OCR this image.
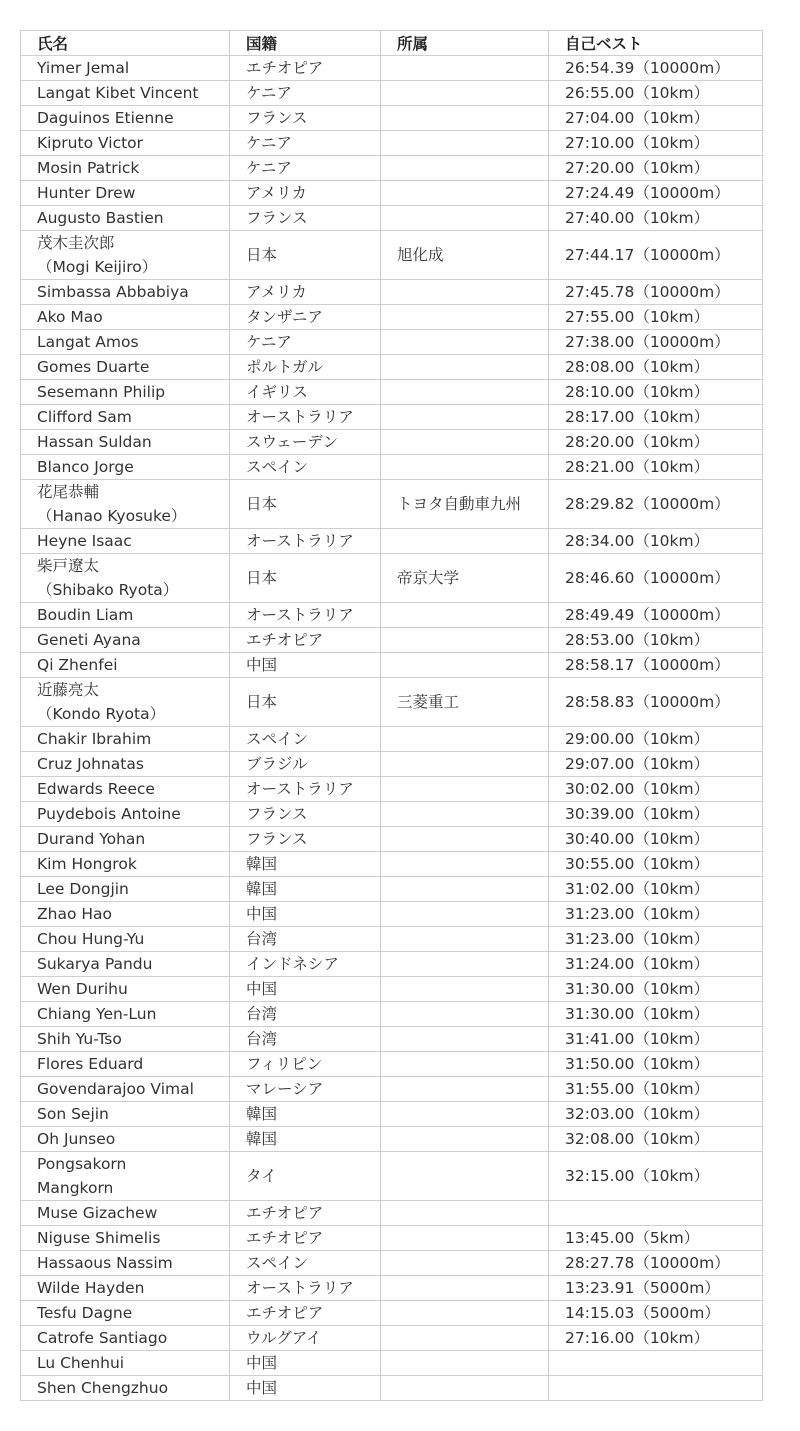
氏名	国籍	所属	自己ベスト

Yimer Jemal	エチオピア		26:54.39（10000m）

Langat Kibet Vincent	ケニア		26:55.00（10km）

Daguinos Etienne	フランス		27:04.00（10km）

Kipruto Victor	ケニア		27:10.00（10km）

Mosin Patrick	ケニア		27:20.00（10km）

Hunter Drew	アメリカ		27:24.49（10000m）

Augusto Bastien	フランス		27:40.00（10km）

茂木圭次郎
（Mogi Keijiro）	日本	旭化成	27:44.17（10000m）

Simbassa Abbabiya	アメリカ		27:45.78（10000m）

Ako Mao	タンザニア		27:55.00（10km）

Langat Amos	ケニア		27:38.00（10000m）

Gomes Duarte	ポルトガル		28:08.00（10km）

Sesemann Philip	イギリス		28:10.00（10km）

Clifford Sam	オーストラリア		28:17.00（10km）

Hassan Suldan	スウェーデン		28:20.00（10km）

Blanco Jorge	スペイン		28:21.00（10km）

花尾恭輔
（Hanao Kyosuke）	日本	トヨタ自動車九州	28:29.82（10000m）

Heyne Isaac	オーストラリア		28:34.00（10km）

柴戸遼太
（Shibako Ryota）	日本	帝京大学	28:46.60（10000m）

Boudin Liam	オーストラリア		28:49.49（10000m）

Geneti Ayana	エチオピア		28:53.00（10km）

Qi Zhenfei	中国		28:58.17（10000m）

近藤亮太
（Kondo Ryota）	日本	三菱重工	28:58.83（10000m）

Chakir Ibrahim	スペイン		29:00.00（10km）

Cruz Johnatas	ブラジル		29:07.00（10km）

Edwards Reece	オーストラリア		30:02.00（10km）

Puydebois Antoine	フランス		30:39.00（10km）

Durand Yohan	フランス		30:40.00（10km）

Kim Hongrok	韓国		30:55.00（10km）

Lee Dongjin	韓国		31:02.00（10km）

Zhao Hao	中国		31:23.00（10km）

Chou Hung-Yu	台湾		31:23.00（10km）

Sukarya Pandu	インドネシア		31:24.00（10km）

Wen Durihu	中国		31:30.00（10km）

Chiang Yen-Lun	台湾		31:30.00（10km）

Shih Yu-Tso	台湾		31:41.00（10km）

Flores Eduard	フィリピン		31:50.00（10km）

Govendarajoo Vimal	マレーシア		31:55.00（10km）

Son Sejin	韓国		32:03.00（10km）

Oh Junseo	韓国		32:08.00（10km）

Pongsakorn
Mangkorn	タイ		32:15.00（10km）

Muse Gizachew	エチオピア		

Niguse Shimelis	エチオピア		13:45.00（5km）

Hassaous Nassim	スペイン		28:27.78（10000m）

Wilde Hayden	オーストラリア		13:23.91（5000m）

Tesfu Dagne	エチオピア		14:15.03（5000m）

Catrofe Santiago	ウルグアイ		27:16.00（10km）

Lu Chenhui	中国		

Shen Chengzhuo	中国		
